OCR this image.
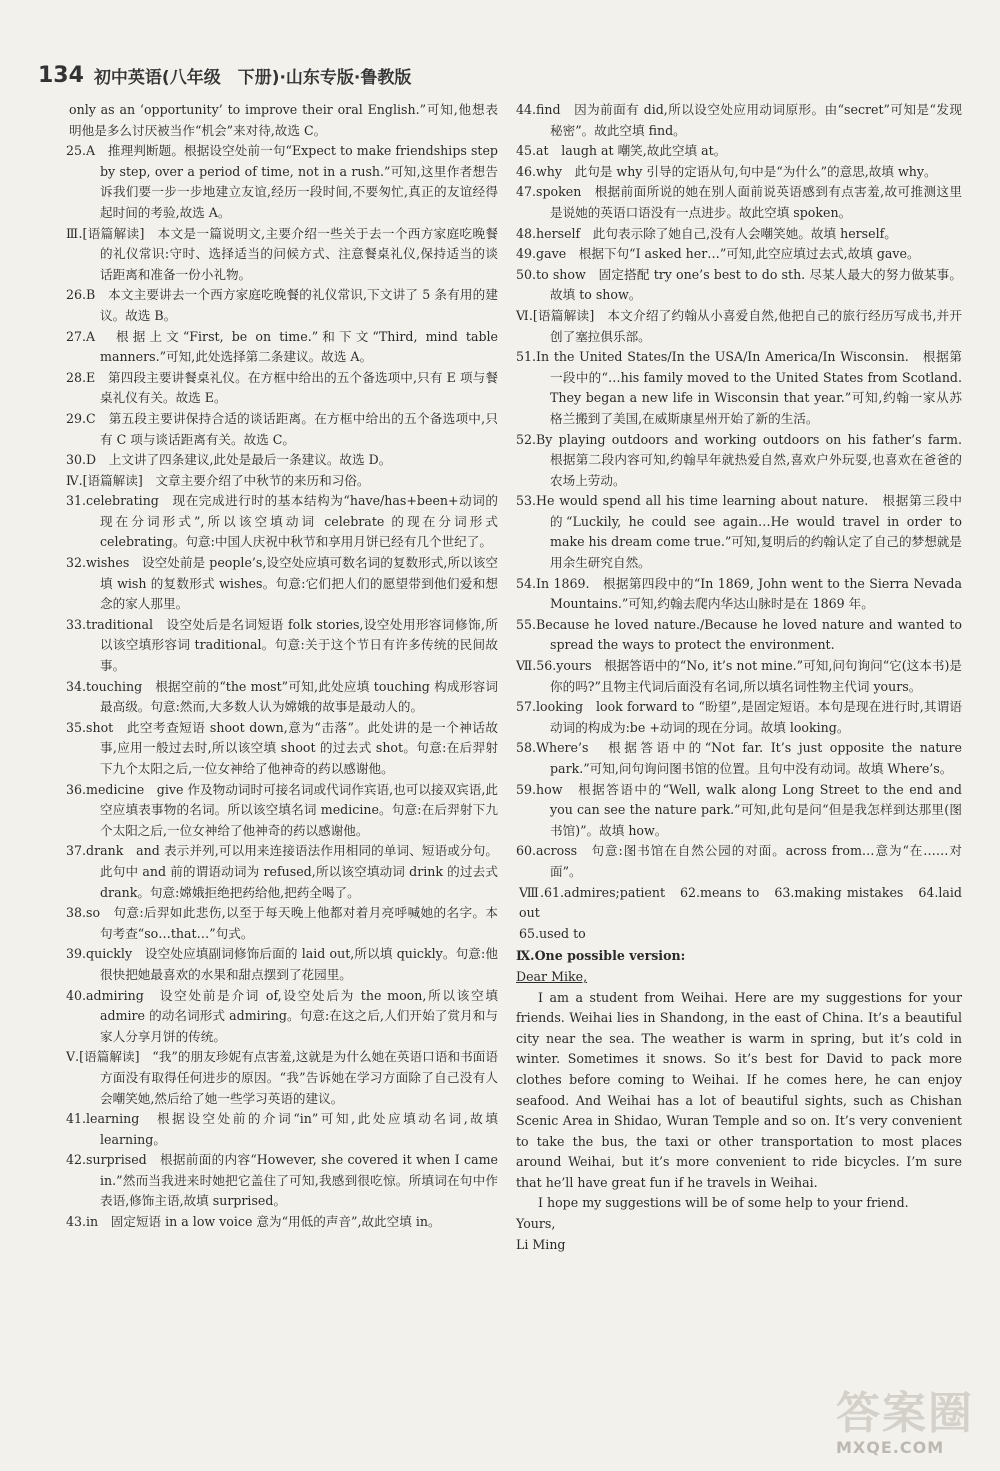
134 初中英语(八年级　下册)·山东专版·鲁教版

only as an ‘opportunity’ to improve their oral English.”可知,他想表明他是多么讨厌被当作“机会”来对待,故选 C。

25.A　推理判断题。根据设空处前一句“Expect to make friendships step by step, over a period of time, not in a rush.”可知,这里作者想告诉我们要一步一步地建立友谊,经历一段时间,不要匆忙,真正的友谊经得起时间的考验,故选 A。

Ⅲ.[语篇解读]　本文是一篇说明文,主要介绍一些关于去一个西方家庭吃晚餐的礼仪常识:守时、选择适当的问候方式、注意餐桌礼仪,保持适当的谈话距离和准备一份小礼物。

26.B　本文主要讲去一个西方家庭吃晚餐的礼仪常识,下文讲了 5 条有用的建议。故选 B。

27.A　根据上文“First, be on time.”和下文“Third, mind table manners.”可知,此处选择第二条建议。故选 A。

28.E　第四段主要讲餐桌礼仪。在方框中给出的五个备选项中,只有 E 项与餐桌礼仪有关。故选 E。

29.C　第五段主要讲保持合适的谈话距离。在方框中给出的五个备选项中,只有 C 项与谈话距离有关。故选 C。

30.D　上文讲了四条建议,此处是最后一条建议。故选 D。

Ⅳ.[语篇解读]　文章主要介绍了中秋节的来历和习俗。

31.celebrating　现在完成进行时的基本结构为“have/has+been+动词的现在分词形式”,所以该空填动词 celebrate 的现在分词形式 celebrating。句意:中国人庆祝中秋节和享用月饼已经有几个世纪了。

32.wishes　设空处前是 people’s,设空处应填可数名词的复数形式,所以该空填 wish 的复数形式 wishes。句意:它们把人们的愿望带到他们爱和想念的家人那里。

33.traditional　设空处后是名词短语 folk stories,设空处用形容词修饰,所以该空填形容词 traditional。句意:关于这个节日有许多传统的民间故事。

34.touching　根据空前的“the most”可知,此处应填 touching 构成形容词最高级。句意:然而,大多数人认为嫦娥的故事是最动人的。

35.shot　此空考查短语 shoot down,意为“击落”。此处讲的是一个神话故事,应用一般过去时,所以该空填 shoot 的过去式 shot。句意:在后羿射下九个太阳之后,一位女神给了他神奇的药以感谢他。

36.medicine　give 作及物动词时可接名词或代词作宾语,也可以接双宾语,此空应填表事物的名词。所以该空填名词 medicine。句意:在后羿射下九个太阳之后,一位女神给了他神奇的药以感谢他。

37.drank　and 表示并列,可以用来连接语法作用相同的单词、短语或分句。此句中 and 前的谓语动词为 refused,所以该空填动词 drink 的过去式 drank。句意:嫦娥拒绝把药给他,把药全喝了。

38.so　句意:后羿如此悲伤,以至于每天晚上他都对着月亮呼喊她的名字。本句考查“so…that…”句式。

39.quickly　设空处应填副词修饰后面的 laid out,所以填 quickly。句意:他很快把她最喜欢的水果和甜点摆到了花园里。

40.admiring　设空处前是介词 of,设空处后为 the moon,所以该空填 admire 的动名词形式 admiring。句意:在这之后,人们开始了赏月和与家人分享月饼的传统。

Ⅴ.[语篇解读]　“我”的朋友珍妮有点害羞,这就是为什么她在英语口语和书面语方面没有取得任何进步的原因。“我”告诉她在学习方面除了自己没有人会嘲笑她,然后给了她一些学习英语的建议。

41.learning　根据设空处前的介词“in”可知,此处应填动名词,故填 learning。

42.surprised　根据前面的内容“However, she covered it when I came in.”然而当我进来时她把它盖住了可知,我感到很吃惊。所填词在句中作表语,修饰主语,故填 surprised。

43.in　固定短语 in a low voice 意为“用低的声音”,故此空填 in。

44.find　因为前面有 did,所以设空处应用动词原形。由“secret”可知是“发现秘密”。故此空填 find。

45.at　laugh at 嘲笑,故此空填 at。

46.why　此句是 why 引导的定语从句,句中是“为什么”的意思,故填 why。

47.spoken　根据前面所说的她在别人面前说英语感到有点害羞,故可推测这里是说她的英语口语没有一点进步。故此空填 spoken。

48.herself　此句表示除了她自己,没有人会嘲笑她。故填 herself。

49.gave　根据下句“I asked her…”可知,此空应填过去式,故填 gave。

50.to show　固定搭配 try one’s best to do sth. 尽某人最大的努力做某事。故填 to show。

Ⅵ.[语篇解读]　本文介绍了约翰从小喜爱自然,他把自己的旅行经历写成书,并开创了塞拉俱乐部。

51.In the United States/In the USA/In America/In Wisconsin.　根据第一段中的“…his family moved to the United States from Scotland. They began a new life in Wisconsin that year.”可知,约翰一家从苏格兰搬到了美国,在威斯康星州开始了新的生活。

52.By playing outdoors and working outdoors on his father’s farm.　根据第二段内容可知,约翰早年就热爱自然,喜欢户外玩耍,也喜欢在爸爸的农场上劳动。

53.He would spend all his time learning about nature.　根据第三段中的“Luckily, he could see again…He would travel in order to make his dream come true.”可知,复明后的约翰认定了自己的梦想就是用余生研究自然。

54.In 1869.　根据第四段中的“In 1869, John went to the Sierra Nevada Mountains.”可知,约翰去爬内华达山脉时是在 1869 年。

55.Because he loved nature./Because he loved nature and wanted to spread the ways to protect the environment.

Ⅶ.56.yours　根据答语中的“No, it’s not mine.”可知,问句询问“它(这本书)是你的吗?”且物主代词后面没有名词,所以填名词性物主代词 yours。

57.looking　look forward to “盼望”,是固定短语。本句是现在进行时,其谓语动词的构成为:be +动词的现在分词。故填 looking。

58.Where’s　根据答语中的“Not far. It’s just opposite the nature park.”可知,问句询问图书馆的位置。且句中没有动词。故填 Where’s。

59.how　根据答语中的“Well, walk along Long Street to the end and you can see the nature park.”可知,此句是问“但是我怎样到达那里(图书馆)”。故填 how。

60.across　句意:图书馆在自然公园的对面。across from…意为“在……对面”。

Ⅷ.61.admires;patient　62.means to　63.making mistakes　64.laid out

65.used to

Ⅸ.One possible version:

Dear Mike,

I am a student from Weihai. Here are my suggestions for your friends. Weihai lies in Shandong, in the east of China. It’s a beautiful city near the sea. The weather is warm in spring, but it’s cold in winter. Sometimes it snows. So it’s best for David to pack more clothes before coming to Weihai. If he comes here, he can enjoy seafood. And Weihai has a lot of beautiful sights, such as Chishan Scenic Area in Shidao, Wuran Temple and so on. It’s very convenient to take the bus, the taxi or other transportation to most places around Weihai, but it’s more convenient to ride bicycles. I’m sure that he’ll have great fun if he travels in Weihai.

I hope my suggestions will be of some help to your friend.

Yours,

Li Ming

答案圈
MXQE.COM
